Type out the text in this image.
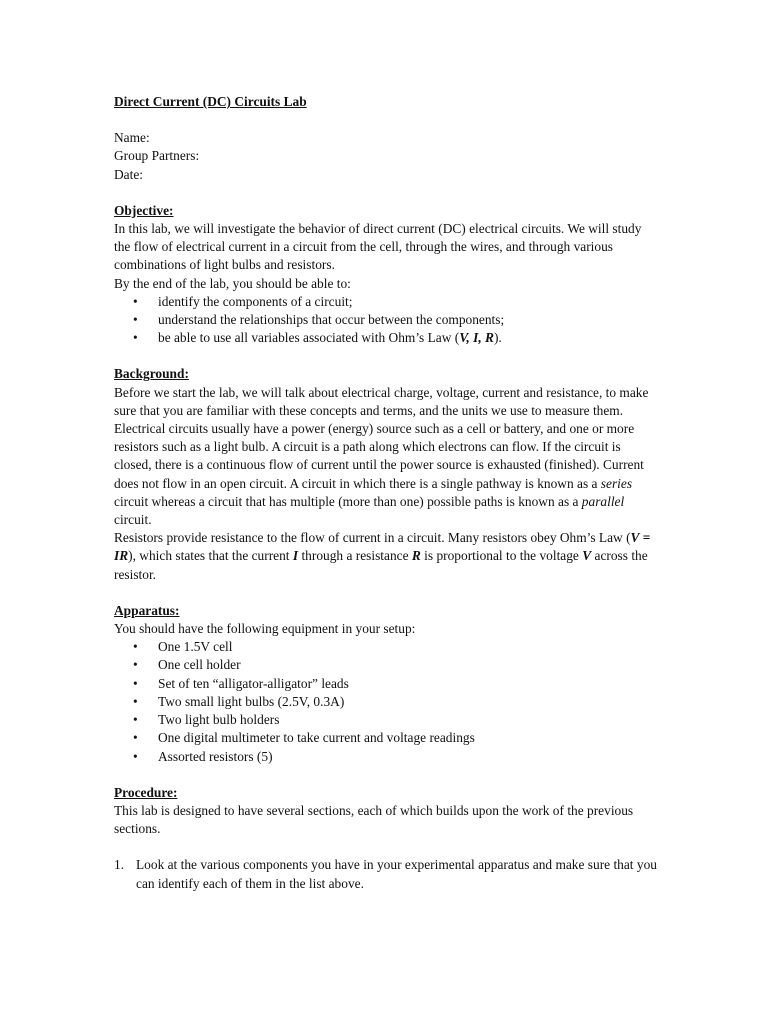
Direct Current (DC) Circuits Lab

Name:

Group Partners:

Date:

Objective:

In this lab, we will investigate the behavior of direct current (DC) electrical circuits. We will study the flow of electrical current in a circuit from the cell, through the wires, and through various combinations of light bulbs and resistors.

By the end of the lab, you should be able to:

• identify the components of a circuit;
• understand the relationships that occur between the components;
• be able to use all variables associated with Ohm’s Law (V, I, R).

Background:

Before we start the lab, we will talk about electrical charge, voltage, current and resistance, to make sure that you are familiar with these concepts and terms, and the units we use to measure them.

Electrical circuits usually have a power (energy) source such as a cell or battery, and one or more resistors such as a light bulb. A circuit is a path along which electrons can flow. If the circuit is closed, there is a continuous flow of current until the power source is exhausted (finished). Current does not flow in an open circuit. A circuit in which there is a single pathway is known as a series circuit whereas a circuit that has multiple (more than one) possible paths is known as a parallel circuit.

Resistors provide resistance to the flow of current in a circuit. Many resistors obey Ohm’s Law (V = IR), which states that the current I through a resistance R is proportional to the voltage V across the resistor.

Apparatus:

You should have the following equipment in your setup:

• One 1.5V cell
• One cell holder
• Set of ten “alligator-alligator” leads
• Two small light bulbs (2.5V, 0.3A)
• Two light bulb holders
• One digital multimeter to take current and voltage readings
• Assorted resistors (5)

Procedure:

This lab is designed to have several sections, each of which builds upon the work of the previous sections.

1. Look at the various components you have in your experimental apparatus and make sure that you can identify each of them in the list above.
